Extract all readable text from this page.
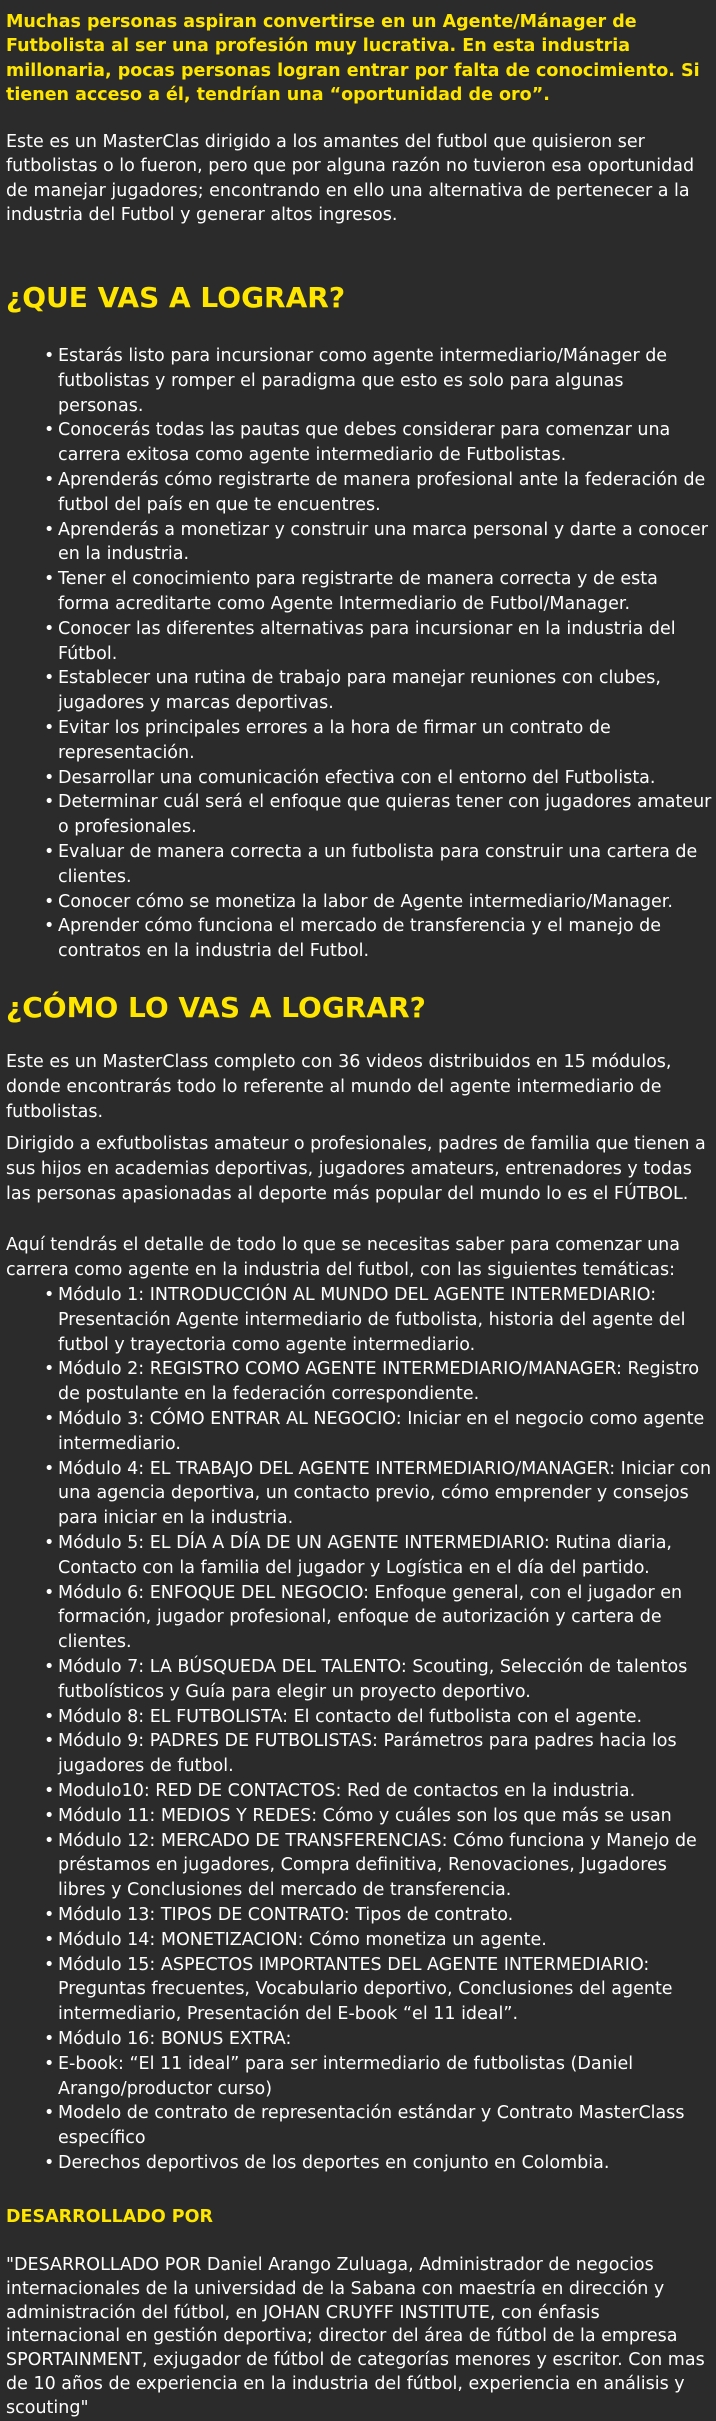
Muchas personas aspiran convertirse en un Agente/Mánager de Futbolista al ser una profesión muy lucrativa. En esta industria millonaria, pocas personas logran entrar por falta de conocimiento. Si tienen acceso a él, tendrían una “oportunidad de oro”.

Este es un MasterClas dirigido a los amantes del futbol que quisieron ser futbolistas o lo fueron, pero que por alguna razón no tuvieron esa oportunidad de manejar jugadores; encontrando en ello una alternativa de pertenecer a la industria del Futbol y generar altos ingresos.

¿QUE VAS A LOGRAR?
• Estarás listo para incursionar como agente intermediario/Mánager de futbolistas y romper el paradigma que esto es solo para algunas personas.
• Conocerás todas las pautas que debes considerar para comenzar una carrera exitosa como agente intermediario de Futbolistas.
• Aprenderás cómo registrarte de manera profesional ante la federación de futbol del país en que te encuentres.
• Aprenderás a monetizar y construir una marca personal y darte a conocer en la industria.
• Tener el conocimiento para registrarte de manera correcta y de esta forma acreditarte como Agente Intermediario de Futbol/Manager.
• Conocer las diferentes alternativas para incursionar en la industria del Fútbol.
• Establecer una rutina de trabajo para manejar reuniones con clubes, jugadores y marcas deportivas.
• Evitar los principales errores a la hora de firmar un contrato de representación.
• Desarrollar una comunicación efectiva con el entorno del Futbolista.
• Determinar cuál será el enfoque que quieras tener con jugadores amateur o profesionales.
• Evaluar de manera correcta a un futbolista para construir una cartera de clientes.
• Conocer cómo se monetiza la labor de Agente intermediario/Manager.
• Aprender cómo funciona el mercado de transferencia y el manejo de contratos en la industria del Futbol.
¿CÓMO LO VAS A LOGRAR?

Este es un MasterClass completo con 36 videos distribuidos en 15 módulos, donde encontrarás todo lo referente al mundo del agente intermediario de futbolistas.

Dirigido a exfutbolistas amateur o profesionales, padres de familia que tienen a sus hijos en academias deportivas, jugadores amateurs, entrenadores y todas las personas apasionadas al deporte más popular del mundo lo es el FÚTBOL.

Aquí tendrás el detalle de todo lo que se necesitas saber para comenzar una carrera como agente en la industria del futbol, con las siguientes temáticas:

• Módulo 1: INTRODUCCIÓN AL MUNDO DEL AGENTE INTERMEDIARIO: Presentación Agente intermediario de futbolista, historia del agente del futbol y trayectoria como agente intermediario.
• Módulo 2: REGISTRO COMO AGENTE INTERMEDIARIO/MANAGER: Registro de postulante en la federación correspondiente.
• Módulo 3: CÓMO ENTRAR AL NEGOCIO: Iniciar en el negocio como agente intermediario.
• Módulo 4: EL TRABAJO DEL AGENTE INTERMEDIARIO/MANAGER: Iniciar con una agencia deportiva, un contacto previo, cómo emprender y consejos para iniciar en la industria.
• Módulo 5: EL DÍA A DÍA DE UN AGENTE INTERMEDIARIO: Rutina diaria, Contacto con la familia del jugador y Logística en el día del partido.
• Módulo 6: ENFOQUE DEL NEGOCIO: Enfoque general, con el jugador en formación, jugador profesional, enfoque de autorización y cartera de clientes.
• Módulo 7: LA BÚSQUEDA DEL TALENTO: Scouting, Selección de talentos futbolísticos y Guía para elegir un proyecto deportivo.
• Módulo 8: EL FUTBOLISTA: El contacto del futbolista con el agente.
• Módulo 9: PADRES DE FUTBOLISTAS: Parámetros para padres hacia los jugadores de futbol.
• Modulo10: RED DE CONTACTOS: Red de contactos en la industria.
• Módulo 11: MEDIOS Y REDES: Cómo y cuáles son los que más se usan
• Módulo 12: MERCADO DE TRANSFERENCIAS: Cómo funciona y Manejo de préstamos en jugadores, Compra definitiva, Renovaciones, Jugadores libres y Conclusiones del mercado de transferencia.
• Módulo 13: TIPOS DE CONTRATO: Tipos de contrato.
• Módulo 14: MONETIZACION: Cómo monetiza un agente.
• Módulo 15: ASPECTOS IMPORTANTES DEL AGENTE INTERMEDIARIO: Preguntas frecuentes, Vocabulario deportivo, Conclusiones del agente intermediario, Presentación del E-book “el 11 ideal”.
• Módulo 16: BONUS EXTRA:
• E-book: “El 11 ideal” para ser intermediario de futbolistas (Daniel Arango/productor curso)
• Modelo de contrato de representación estándar y Contrato MasterClass específico
• Derechos deportivos de los deportes en conjunto en Colombia.

DESARROLLADO POR

"DESARROLLADO POR Daniel Arango Zuluaga, Administrador de negocios internacionales de la universidad de la Sabana con maestría en dirección y administración del fútbol, en JOHAN CRUYFF INSTITUTE, con énfasis internacional en gestión deportiva; director del área de fútbol de la empresa SPORTAINMENT, exjugador de fútbol de categorías menores y escritor. Con mas de 10 años de experiencia en la industria del fútbol, experiencia en análisis y scouting"
